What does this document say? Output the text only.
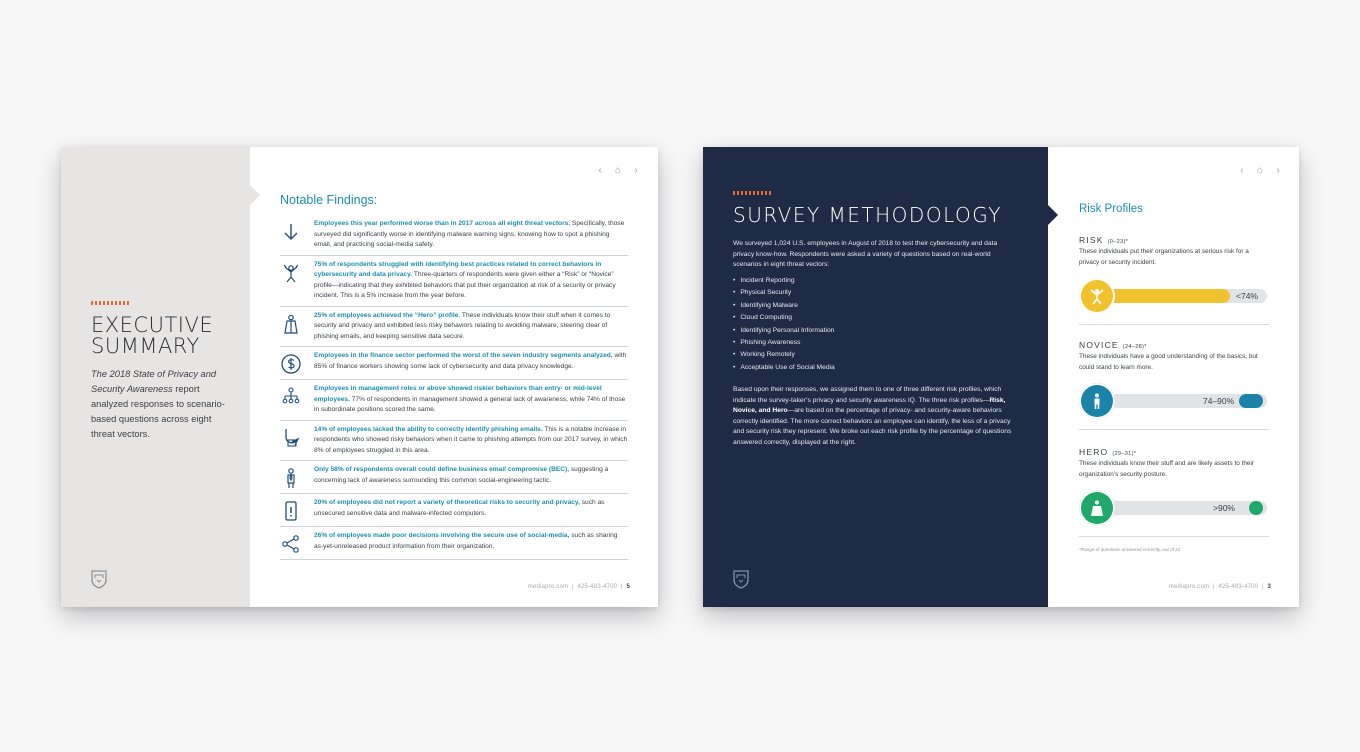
EXECUTIVE
SUMMARY
The 2018 State of Privacy and Security Awareness report analyzed responses to scenario-based questions across eight threat vectors.
‹	⌂	›
Notable Findings:
Employees this year performed worse than in 2017 across all eight threat vectors. Specifically, those surveyed did significantly worse in identifying malware warning signs, knowing how to spot a phishing email, and practicing social-media safety.
75% of respondents struggled with identifying best practices related to correct behaviors in cybersecurity and data privacy. Three-quarters of respondents were given either a “Risk” or “Novice” profile—indicating that they exhibited behaviors that put their organization at risk of a security or privacy incident. This is a 5% increase from the year before.
25% of employees achieved the “Hero” profile. These individuals know their stuff when it comes to security and privacy and exhibited less risky behaviors relating to avoiding malware, steering clear of phishing emails, and keeping sensitive data secure.
Employees in the finance sector performed the worst of the seven industry segments analyzed, with 85% of finance workers showing some lack of cybersecurity and data privacy knowledge.
Employees in management roles or above showed riskier behaviors than entry- or mid-level employees. 77% of respondents in management showed a general lack of awareness, while 74% of those in subordinate positions scored the same.
14% of employees lacked the ability to correctly identify phishing emails. This is a notable increase in respondents who showed risky behaviors when it came to phishing attempts from our 2017 survey, in which 8% of employees struggled in this area.
Only 58% of respondents overall could define business email compromise (BEC), suggesting a concerning lack of awareness surrounding this common social-engineering tactic.
20% of employees did not report a variety of theoretical risks to security and privacy, such as unsecured sensitive data and malware-infected computers.
26% of employees made poor decisions involving the secure use of social-media, such as sharing as-yet-unreleased product information from their organization.
mediapro.com  |  425-483-4700  |  5
SURVEY METHODOLOGY
We surveyed 1,024 U.S. employees in August of 2018 to test their cybersecurity and data privacy know-how. Respondents were asked a variety of questions based on real-world scenarios in eight threat vectors:
• Incident Reporting
• Physical Security
• Identifying Malware
• Cloud Computing
• Identifying Personal Information
• Phishing Awareness
• Working Remotely
• Acceptable Use of Social Media
Based upon their responses, we assigned them to one of three different risk profiles, which indicate the survey-taker’s privacy and security awareness IQ. The three risk profiles—Risk, Novice, and Hero—are based on the percentage of privacy- and security-aware behaviors correctly identified. The more correct behaviors an employee can identify, the less of a privacy and security risk they represent. We broke out each risk profile by the percentage of questions answered correctly, displayed at the right.
‹	⌂	›
Risk Profiles
RISK (0–23)*
These individuals put their organizations at serious risk for a privacy or security incident.
<74%
NOVICE (24–28)*
These individuals have a good understanding of the basics, but could stand to learn more.
74–90%
HERO (29–31)*
These individuals know their stuff and are likely assets to their organization’s security posture.
>90%
*Range of questions answered correctly, out of 31
mediapro.com  |  425-483-4700  |  3
